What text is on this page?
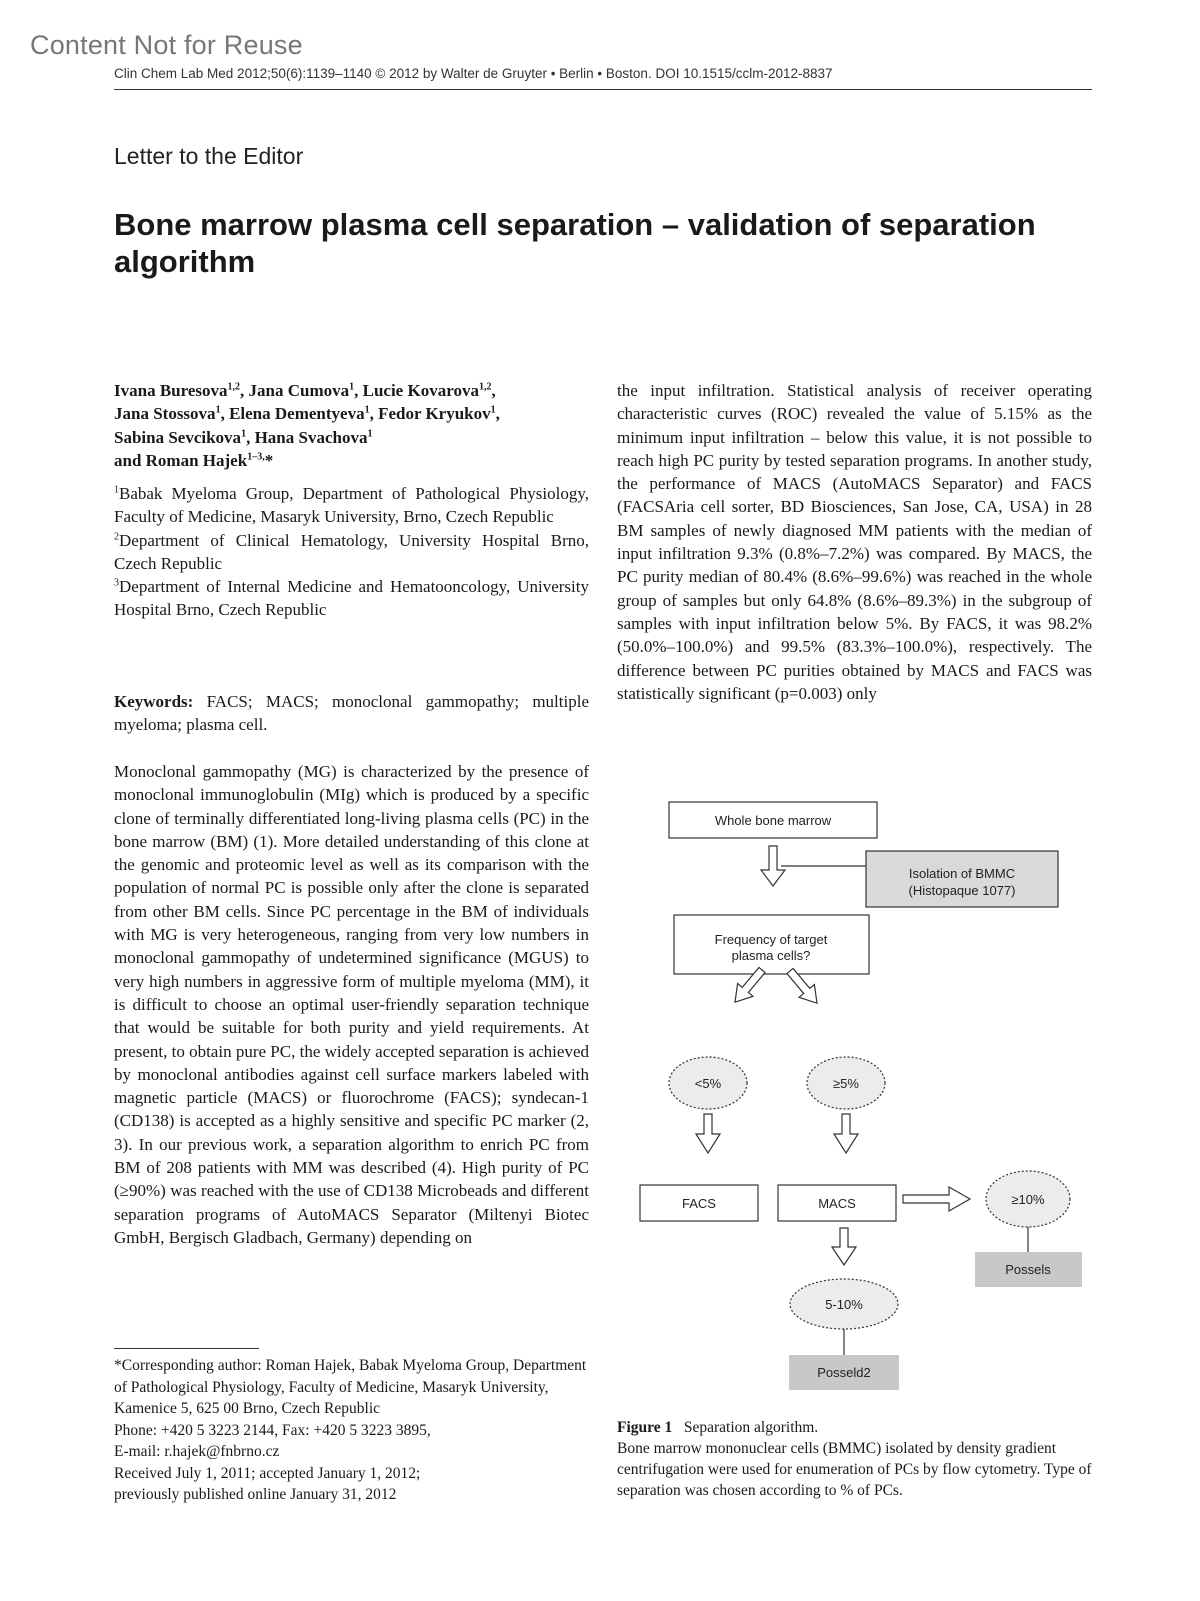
Content Not for Reuse
Clin Chem Lab Med 2012;50(6):1139–1140 © 2012 by Walter de Gruyter • Berlin • Boston. DOI 10.1515/cclm-2012-8837
Letter to the Editor
Bone marrow plasma cell separation – validation of separation algorithm
Ivana Buresova$^{1,2}$, Jana Cumova$^1$, Lucie Kovarova$^{1,2}$,
Jana Stossova$^1$, Elena Dementyeva$^1$, Fedor Kryukov$^1$,
Sabina Sevcikova$^1$, Hana Svachova$^1$
and Roman Hajek$^{1-3,}$*

$^1$Babak Myeloma Group, Department of Pathological Physiology, Faculty of Medicine, Masaryk University, Brno, Czech Republic

$^2$Department of Clinical Hematology, University Hospital Brno, Czech Republic

$^3$Department of Internal Medicine and Hematooncology, University Hospital Brno, Czech Republic

Keywords: FACS; MACS; monoclonal gammopathy; multiple myeloma; plasma cell.

Monoclonal gammopathy (MG) is characterized by the presence of monoclonal immunoglobulin (MIg) which is produced by a specific clone of terminally differentiated long-living plasma cells (PC) in the bone marrow (BM) (1). More detailed understanding of this clone at the genomic and proteomic level as well as its comparison with the population of normal PC is possible only after the clone is separated from other BM cells. Since PC percentage in the BM of individuals with MG is very heterogeneous, ranging from very low numbers in monoclonal gammopathy of undetermined significance (MGUS) to very high numbers in aggressive form of multiple myeloma (MM), it is difficult to choose an optimal user-friendly separation technique that would be suitable for both purity and yield requirements. At present, to obtain pure PC, the widely accepted separation is achieved by monoclonal antibodies against cell surface markers labeled with magnetic particle (MACS) or fluorochrome (FACS); syndecan-1 (CD138) is accepted as a highly sensitive and specific PC marker (2, 3). In our previous work, a separation algorithm to enrich PC from BM of 208 patients with MM was described (4). High purity of PC (≥90%) was reached with the use of CD138 Microbeads and different separation programs of AutoMACS Separator (Miltenyi Biotec GmbH, Bergisch Gladbach, Germany) depending on

the input infiltration. Statistical analysis of receiver operating characteristic curves (ROC) revealed the value of 5.15% as the minimum input infiltration – below this value, it is not possible to reach high PC purity by tested separation programs. In another study, the performance of MACS (AutoMACS Separator) and FACS (FACSAria cell sorter, BD Biosciences, San Jose, CA, USA) in 28 BM samples of newly diagnosed MM patients with the median of input infiltration 9.3% (0.8%–7.2%) was compared. By MACS, the PC purity median of 80.4% (8.6%–99.6%) was reached in the whole group of samples but only 64.8% (8.6%–89.3%) in the subgroup of samples with input infiltration below 5%. By FACS, it was 98.2% (50.0%–100.0%) and 99.5% (83.3%–100.0%), respectively. The difference between PC purities obtained by MACS and FACS was statistically significant (p=0.003) only

*Corresponding author: Roman Hajek, Babak Myeloma Group, Department of Pathological Physiology, Faculty of Medicine, Masaryk University, Kamenice 5, 625 00 Brno, Czech Republic

Phone: +420 5 3223 2144, Fax: +420 5 3223 3895,

E-mail: r.hajek@fnbrno.cz

Received July 1, 2011; accepted January 1, 2012;

previously published online January 31, 2012

Whole bone marrow
Isolation of BMMC
(Histopaque 1077)
Frequency of target
plasma cells?
<5%	≥5%
FACS	MACS	≥10%
Possels
5-10%
Posseld2

Figure 1 Separation algorithm.

Bone marrow mononuclear cells (BMMC) isolated by density gradient centrifugation were used for enumeration of PCs by flow cytometry. Type of separation was chosen according to % of PCs.
